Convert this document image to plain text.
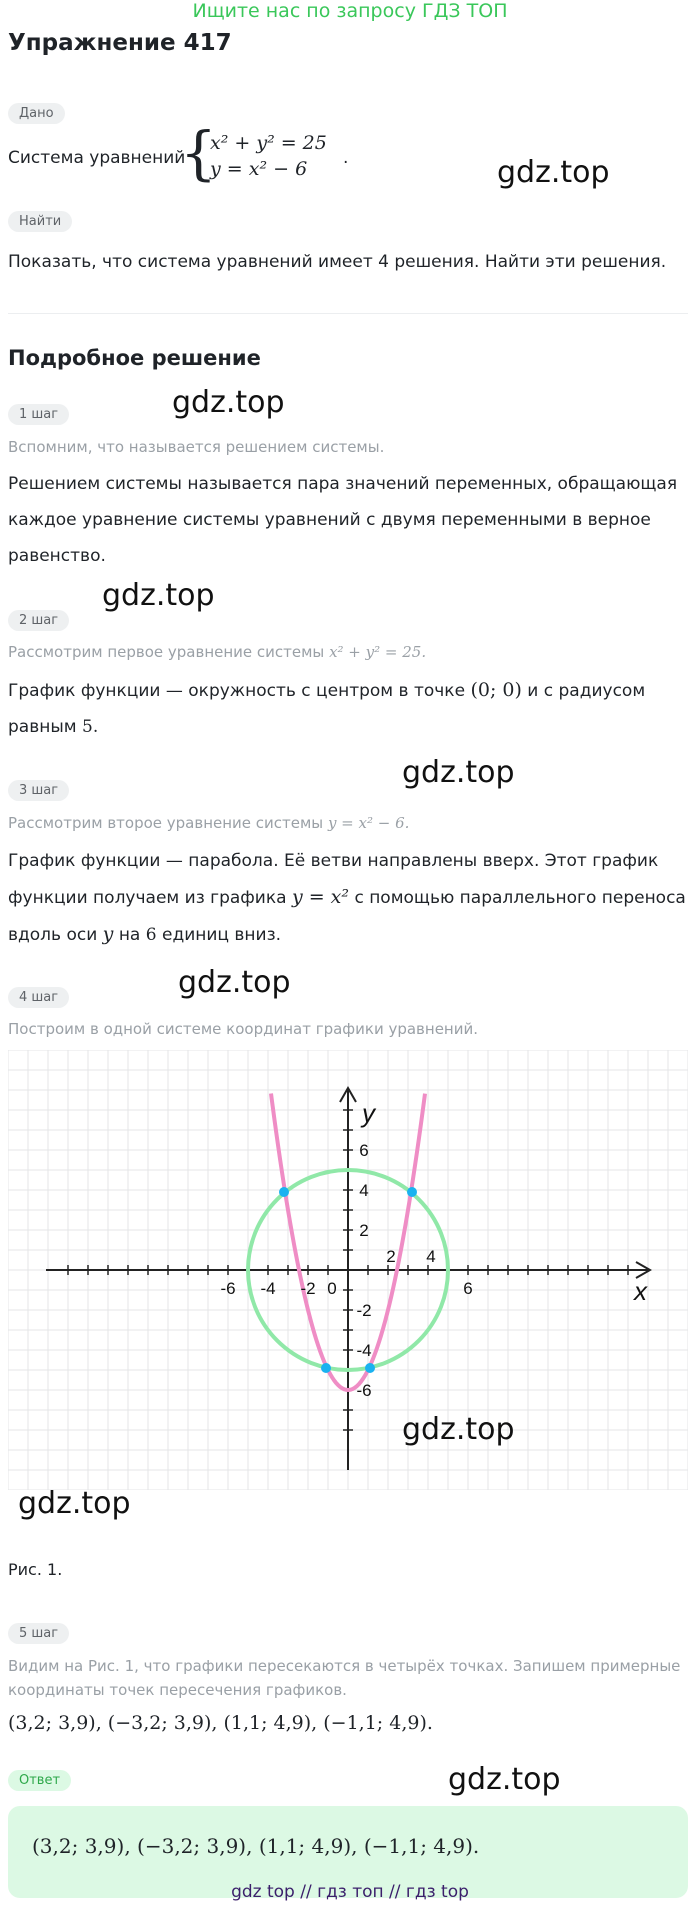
Ищите нас по запросу ГДЗ ТОП
Упражнение 417
Дано
Система уравнений
{
x² + y² = 25
y = x² − 6 .	gdz.top
Найти
Показать, что система уравнений имеет 4 решения. Найти эти решения.
Подробное решение
gdz.top
1 шаг
Вспомним, что называется решением системы.
Решением системы называется пара значений переменных, обращающая каждое уравнение системы уравнений с двумя переменными в верное равенство.
gdz.top
2 шаг
Рассмотрим первое уравнение системы x² + y² = 25.
График функции — окружность с центром в точке (0; 0) и с радиусом равным 5.
gdz.top
3 шаг
Рассмотрим второе уравнение системы y = x² − 6.
График функции — парабола. Её ветви направлены вверх. Этот график функции получаем из графика y = x² с помощью параллельного переноса вдоль оси y на 6 единиц вниз.
gdz.top
4 шаг
Построим в одной системе координат графики уравнений.
-6 -4 -2	6
2 4
6
4
2
-2
-4
-6
0	x
y
gdz.top
gdz.top
Рис. 1.
5 шаг
Видим на Рис. 1, что графики пересекаются в четырёх точках. Запишем примерные координаты точек пересечения графиков.
(3,2; 3,9), (−3,2; 3,9), (1,1; 4,9), (−1,1; 4,9).
gdz.top
Ответ
(3,2; 3,9), (−3,2; 3,9), (1,1; 4,9), (−1,1; 4,9).
gdz top // гдз топ // гдз top
